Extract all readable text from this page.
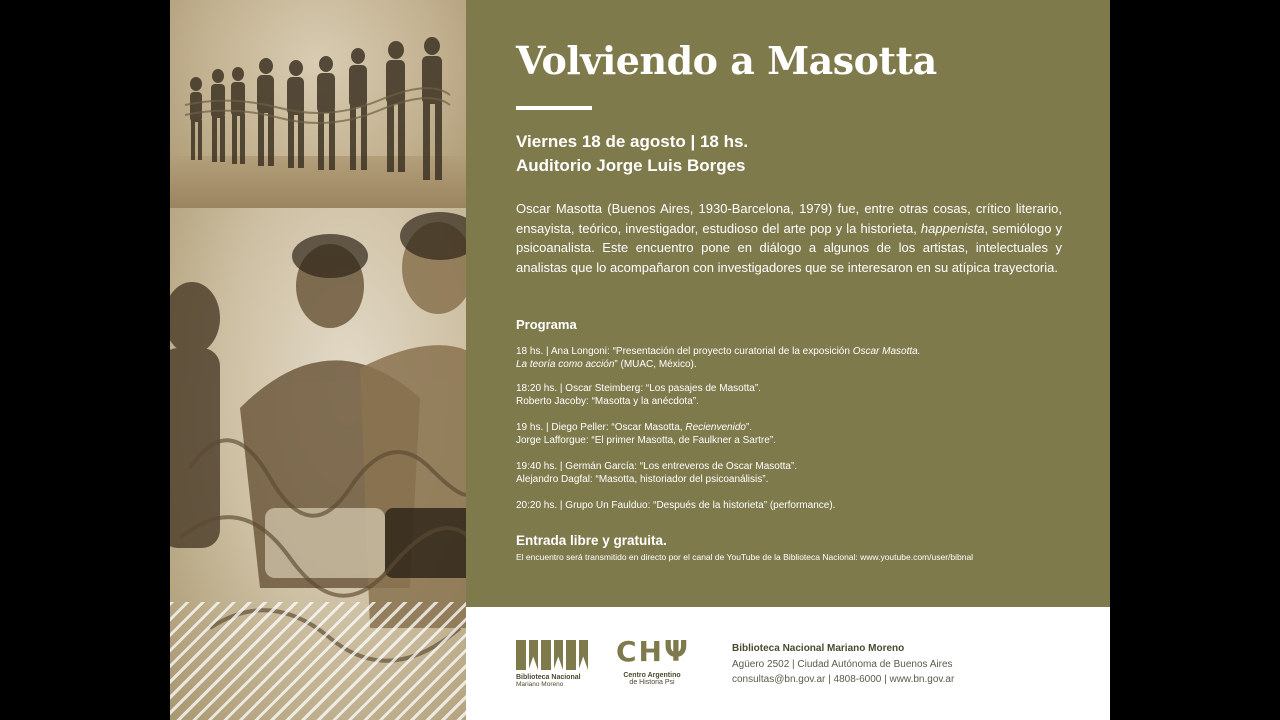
Volviendo a Masotta
Viernes 18 de agosto | 18 hs.
Auditorio Jorge Luis Borges

Oscar Masotta (Buenos Aires, 1930-Barcelona, 1979) fue, entre otras cosas, crítico literario, ensayista, teórico, investigador, estudioso del arte pop y la historieta, happenista, semiólogo y psicoanalista. Este encuentro pone en diálogo a algunos de los artistas, intelectuales y analistas que lo acompañaron con investigadores que se interesaron en su atípica trayectoria.

Programa
18 hs. | Ana Longoni: “Presentación del proyecto curatorial de la exposición Oscar Masotta.
La teoría como acción” (MUAC, México).
18:20 hs. | Oscar Steimberg: “Los pasajes de Masotta”.
Roberto Jacoby: “Masotta y la anécdota”.
19 hs. | Diego Peller: “Oscar Masotta, Recienvenido”.
Jorge Lafforgue: “El primer Masotta, de Faulkner a Sartre”.
19:40 hs. | Germán García: “Los entreveros de Oscar Masotta”.
Alejandro Dagfal: “Masotta, historiador del psicoanálisis”.
20:20 hs. | Grupo Un Faulduo: “Después de la historieta” (performance).
Entrada libre y gratuita.
El encuentro será transmitido en directo por el canal de YouTube de la Biblioteca Nacional: www.youtube.com/user/bibnal
Biblioteca Nacional
Mariano Moreno
CHΨ
Centro Argentino
de Historia Psi
Biblioteca Nacional Mariano Moreno
Agüero 2502 | Ciudad Autónoma de Buenos Aires
consultas@bn.gov.ar | 4808-6000 | www.bn.gov.ar
